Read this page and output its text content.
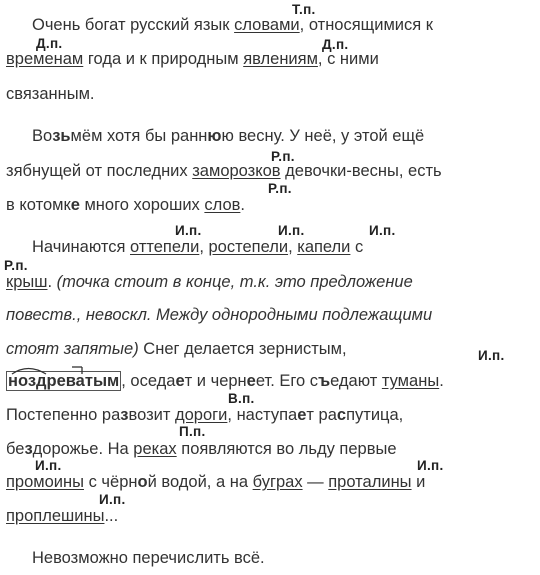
Очень богат русский язык словами, относящимися к
временам года и к природным явлениям, с ними
связанным.
Возьмём хотя бы раннюю весну. У неё, у этой ещё
зябнущей от последних заморозков девочки-весны, есть
в котомке много хороших слов.
Начинаются оттепели, ростепели, капели с
крыш. (точка стоит в конце, т.к. это предложение
повеств., невоскл. Между однородными подлежащими
стоят запятые) Снег делается зернистым,
ноздреватым , оседает и чернеет. Его съедают туманы.
Постепенно развозит дороги, наступает распутица,
бездорожье. На реках появляются во льду первые
промоины с чёрной водой, а на буграх — проталины и
проплешины...
Невозможно перечислить всё.
Т.п.
Д.п.	Д.п.
Р.п.
Р.п.
И.п.	И.п.	И.п.
Р.п.
И.п.
В.п.
П.п.
И.п.	И.п.
И.п.
